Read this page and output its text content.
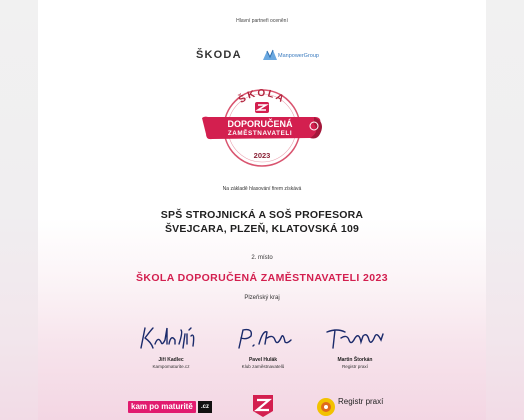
Hlavní partneři ocenění
ŠKODA	ManpowerGroup
ŠKOLA
DOPORUČENÁ
ZAMĚSTNAVATELI
2023
Na základě hlasování firem získává
SPŠ STROJNICKÁ A SOŠ PROFESORA
ŠVEJCARA, PLZEŇ, KLATOVSKÁ 109
2. místo
ŠKOLA DOPORUČENÁ ZAMĚSTNAVATELI 2023
Plzeňský kraj
Jiří Kadlec
Kampomaturite.cz
Pavel Hulák
Klub zaměstnavatelů
Martin Štorkán
Registr praxí
kam po maturitě	.cz
Registr praxí
